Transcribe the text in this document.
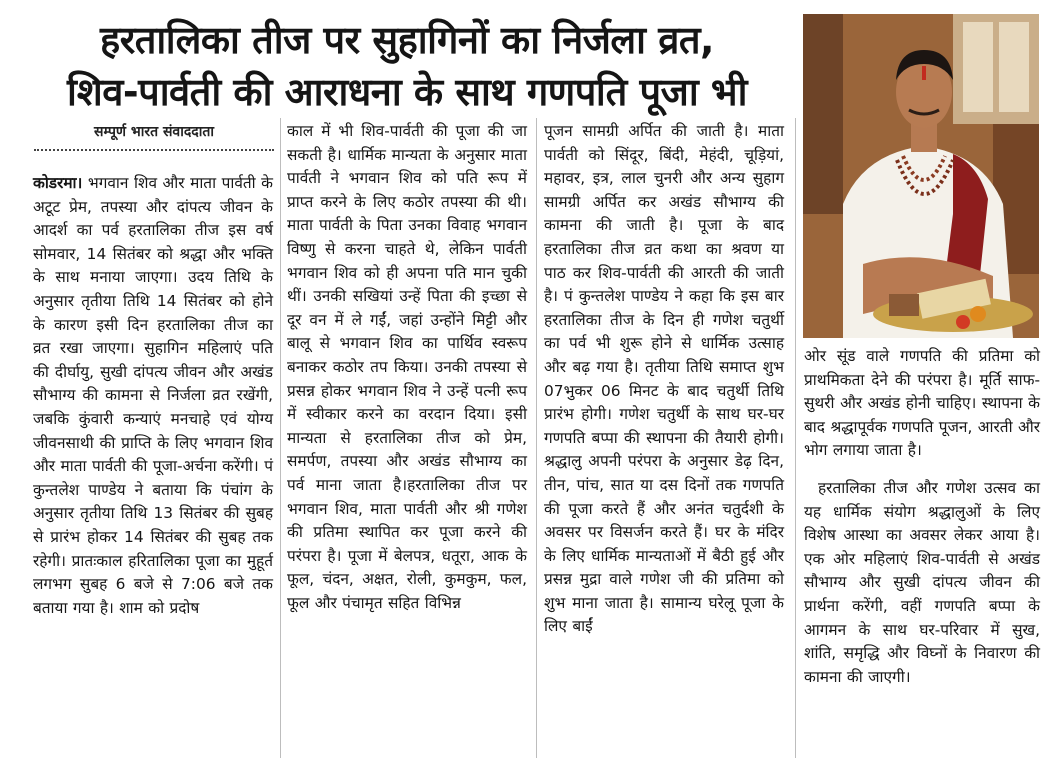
हरतालिका तीज पर सुहागिनों का निर्जला व्रत,
शिव-पार्वती की आराधना के साथ गणपति पूजा भी
सम्पूर्ण भारत संवाददाता

कोडरमा। भगवान शिव और माता पार्वती के अटूट प्रेम, तपस्या और दांपत्य जीवन के आदर्श का पर्व हरतालिका तीज इस वर्ष सोमवार, 14 सितंबर को श्रद्धा और भक्ति के साथ मनाया जाएगा। उदय तिथि के अनुसार तृतीया तिथि 14 सितंबर को होने के कारण इसी दिन हरतालिका तीज का व्रत रखा जाएगा। सुहागिन महिलाएं पति की दीर्घायु, सुखी दांपत्य जीवन और अखंड सौभाग्य की कामना से निर्जला व्रत रखेंगी, जबकि कुंवारी कन्याएं मनचाहे एवं योग्य जीवनसाथी की प्राप्ति के लिए भगवान शिव और माता पार्वती की पूजा-अर्चना करेंगी। पं कुन्तलेश पाण्डेय ने बताया कि पंचांग के अनुसार तृतीया तिथि 13 सितंबर की सुबह से प्रारंभ होकर 14 सितंबर की सुबह तक रहेगी। प्रातःकाल हरितालिका पूजा का मुहूर्त लगभग सुबह 6 बजे से 7:06 बजे तक बताया गया है। शाम को प्रदोष

काल में भी शिव-पार्वती की पूजा की जा सकती है। धार्मिक मान्यता के अनुसार माता पार्वती ने भगवान शिव को पति रूप में प्राप्त करने के लिए कठोर तपस्या की थी। माता पार्वती के पिता उनका विवाह भगवान विष्णु से करना चाहते थे, लेकिन पार्वती भगवान शिव को ही अपना पति मान चुकी थीं। उनकी सखियां उन्हें पिता की इच्छा से दूर वन में ले गईं, जहां उन्होंने मिट्टी और बालू से भगवान शिव का पार्थिव स्वरूप बनाकर कठोर तप किया। उनकी तपस्या से प्रसन्न होकर भगवान शिव ने उन्हें पत्नी रूप में स्वीकार करने का वरदान दिया। इसी मान्यता से हरतालिका तीज को प्रेम, समर्पण, तपस्या और अखंड सौभाग्य का पर्व माना जाता है।हरतालिका तीज पर भगवान शिव, माता पार्वती और श्री गणेश की प्रतिमा स्थापित कर पूजा करने की परंपरा है। पूजा में बेलपत्र, धतूरा, आक के फूल, चंदन, अक्षत, रोली, कुमकुम, फल, फूल और पंचामृत सहित विभिन्न

पूजन सामग्री अर्पित की जाती है। माता पार्वती को सिंदूर, बिंदी, मेहंदी, चूड़ियां, महावर, इत्र, लाल चुनरी और अन्य सुहाग सामग्री अर्पित कर अखंड सौभाग्य की कामना की जाती है। पूजा के बाद हरतालिका तीज व्रत कथा का श्रवण या पाठ कर शिव-पार्वती की आरती की जाती है। पं कुन्तलेश पाण्डेय ने कहा कि इस बार हरतालिका तीज के दिन ही गणेश चतुर्थी का पर्व भी शुरू होने से धार्मिक उत्साह और बढ़ गया है। तृतीया तिथि समाप्त शुभ 07भुकर 06 मिनट के बाद चतुर्थी तिथि प्रारंभ होगी। गणेश चतुर्थी के साथ घर-घर गणपति बप्पा की स्थापना की तैयारी होगी। श्रद्धालु अपनी परंपरा के अनुसार डेढ़ दिन, तीन, पांच, सात या दस दिनों तक गणपति की पूजा करते हैं और अनंत चतुर्दशी के अवसर पर विसर्जन करते हैं। घर के मंदिर के लिए धार्मिक मान्यताओं में बैठी हुई और प्रसन्न मुद्रा वाले गणेश जी की प्रतिमा को शुभ माना जाता है। सामान्य घरेलू पूजा के लिए बाईं

ओर सूंड वाले गणपति की प्रतिमा को प्राथमिकता देने की परंपरा है। मूर्ति साफ-सुथरी और अखंड होनी चाहिए। स्थापना के बाद श्रद्धापूर्वक गणपति पूजन, आरती और भोग लगाया जाता है।

हरतालिका तीज और गणेश उत्सव का यह धार्मिक संयोग श्रद्धालुओं के लिए विशेष आस्था का अवसर लेकर आया है। एक ओर महिलाएं शिव-पार्वती से अखंड सौभाग्य और सुखी दांपत्य जीवन की प्रार्थना करेंगी, वहीं गणपति बप्पा के आगमन के साथ घर-परिवार में सुख, शांति, समृद्धि और विघ्नों के निवारण की कामना की जाएगी।
